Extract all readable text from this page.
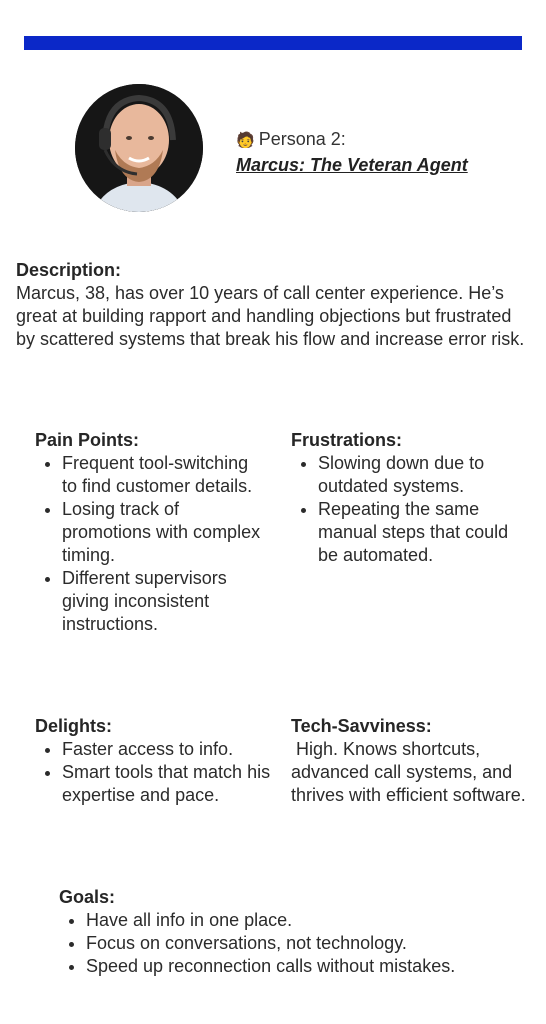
🧑 Persona 2:
Marcus: The Veteran Agent
Description:
Marcus, 38, has over 10 years of call center experience. He’s great at building rapport and handling objections but frustrated by scattered systems that break his flow and increase error risk.
Pain Points:
• Frequent tool-switching to find customer details.
• Losing track of promotions with complex timing.
• Different supervisors giving inconsistent instructions.
Frustrations:
• Slowing down due to outdated systems.
• Repeating the same manual steps that could be automated.
Delights:
• Faster access to info.
• Smart tools that match his expertise and pace.
Tech-Savviness:
High. Knows shortcuts, advanced call systems, and thrives with efficient software.
Goals:
• Have all info in one place.
• Focus on conversations, not technology.
• Speed up reconnection calls without mistakes.
